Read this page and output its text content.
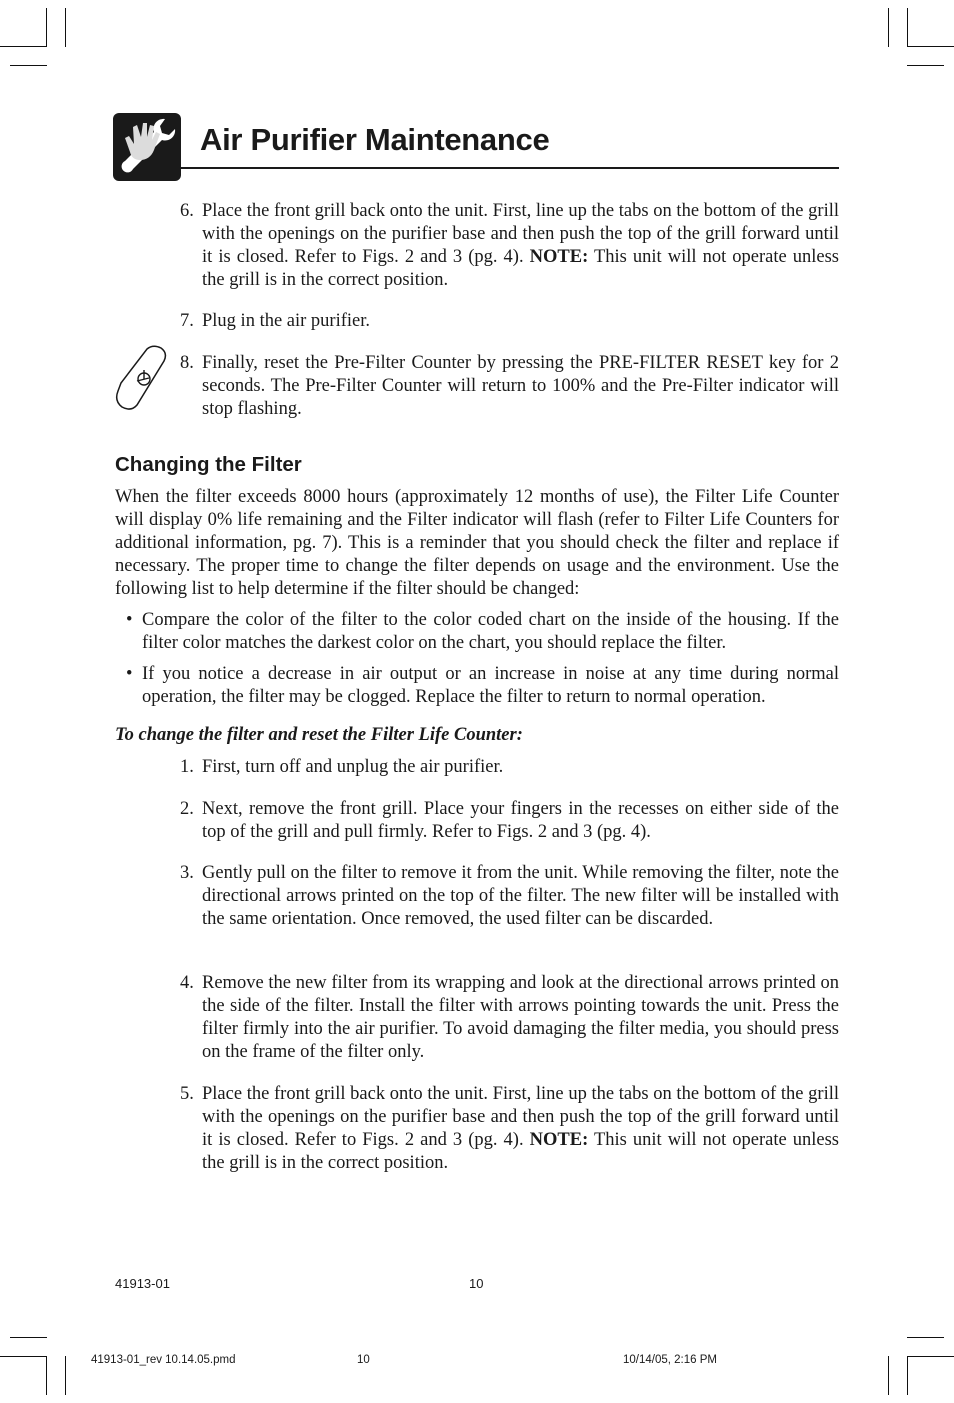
Air Purifier Maintenance
6. Place the front grill back onto the unit. First, line up the tabs on the bottom of the grill with the openings on the purifier base and then push the top of the grill forward until it is closed. Refer to Figs. 2 and 3 (pg. 4). NOTE: This unit will not operate unless the grill is in the correct position.
7. Plug in the air purifier.
8. Finally, reset the Pre-Filter Counter by pressing the PRE-FILTER RESET key for 2 seconds. The Pre-Filter Counter will return to 100% and the Pre-Filter indicator will stop flashing.
Changing the Filter
When the filter exceeds 8000 hours (approximately 12 months of use), the Filter Life Counter will display 0% life remaining and the Filter indicator will flash (refer to Filter Life Counters for additional information, pg. 7). This is a reminder that you should check the filter and replace if necessary. The proper time to change the filter depends on usage and the environment. Use the following list to help determine if the filter should be changed:
• Compare the color of the filter to the color coded chart on the inside of the housing. If the filter color matches the darkest color on the chart, you should replace the filter.
• If you notice a decrease in air output or an increase in noise at any time during normal operation, the filter may be clogged. Replace the filter to return to normal operation.
To change the filter and reset the Filter Life Counter:
1. First, turn off and unplug the air purifier.
2. Next, remove the front grill. Place your fingers in the recesses on either side of the top of the grill and pull firmly. Refer to Figs. 2 and 3 (pg. 4).
3. Gently pull on the filter to remove it from the unit. While removing the filter, note the directional arrows printed on the top of the filter. The new filter will be installed with the same orientation. Once removed, the used filter can be discarded.
4. Remove the new filter from its wrapping and look at the directional arrows printed on the side of the filter. Install the filter with arrows pointing towards the unit. Press the filter firmly into the air purifier. To avoid damaging the filter media, you should press on the frame of the filter only.
5. Place the front grill back onto the unit. First, line up the tabs on the bottom of the grill with the openings on the purifier base and then push the top of the grill forward until it is closed. Refer to Figs. 2 and 3 (pg. 4). NOTE: This unit will not operate unless the grill is in the correct position.
41913-01	10
41913-01_rev 10.14.05.pmd	10	10/14/05, 2:16 PM
